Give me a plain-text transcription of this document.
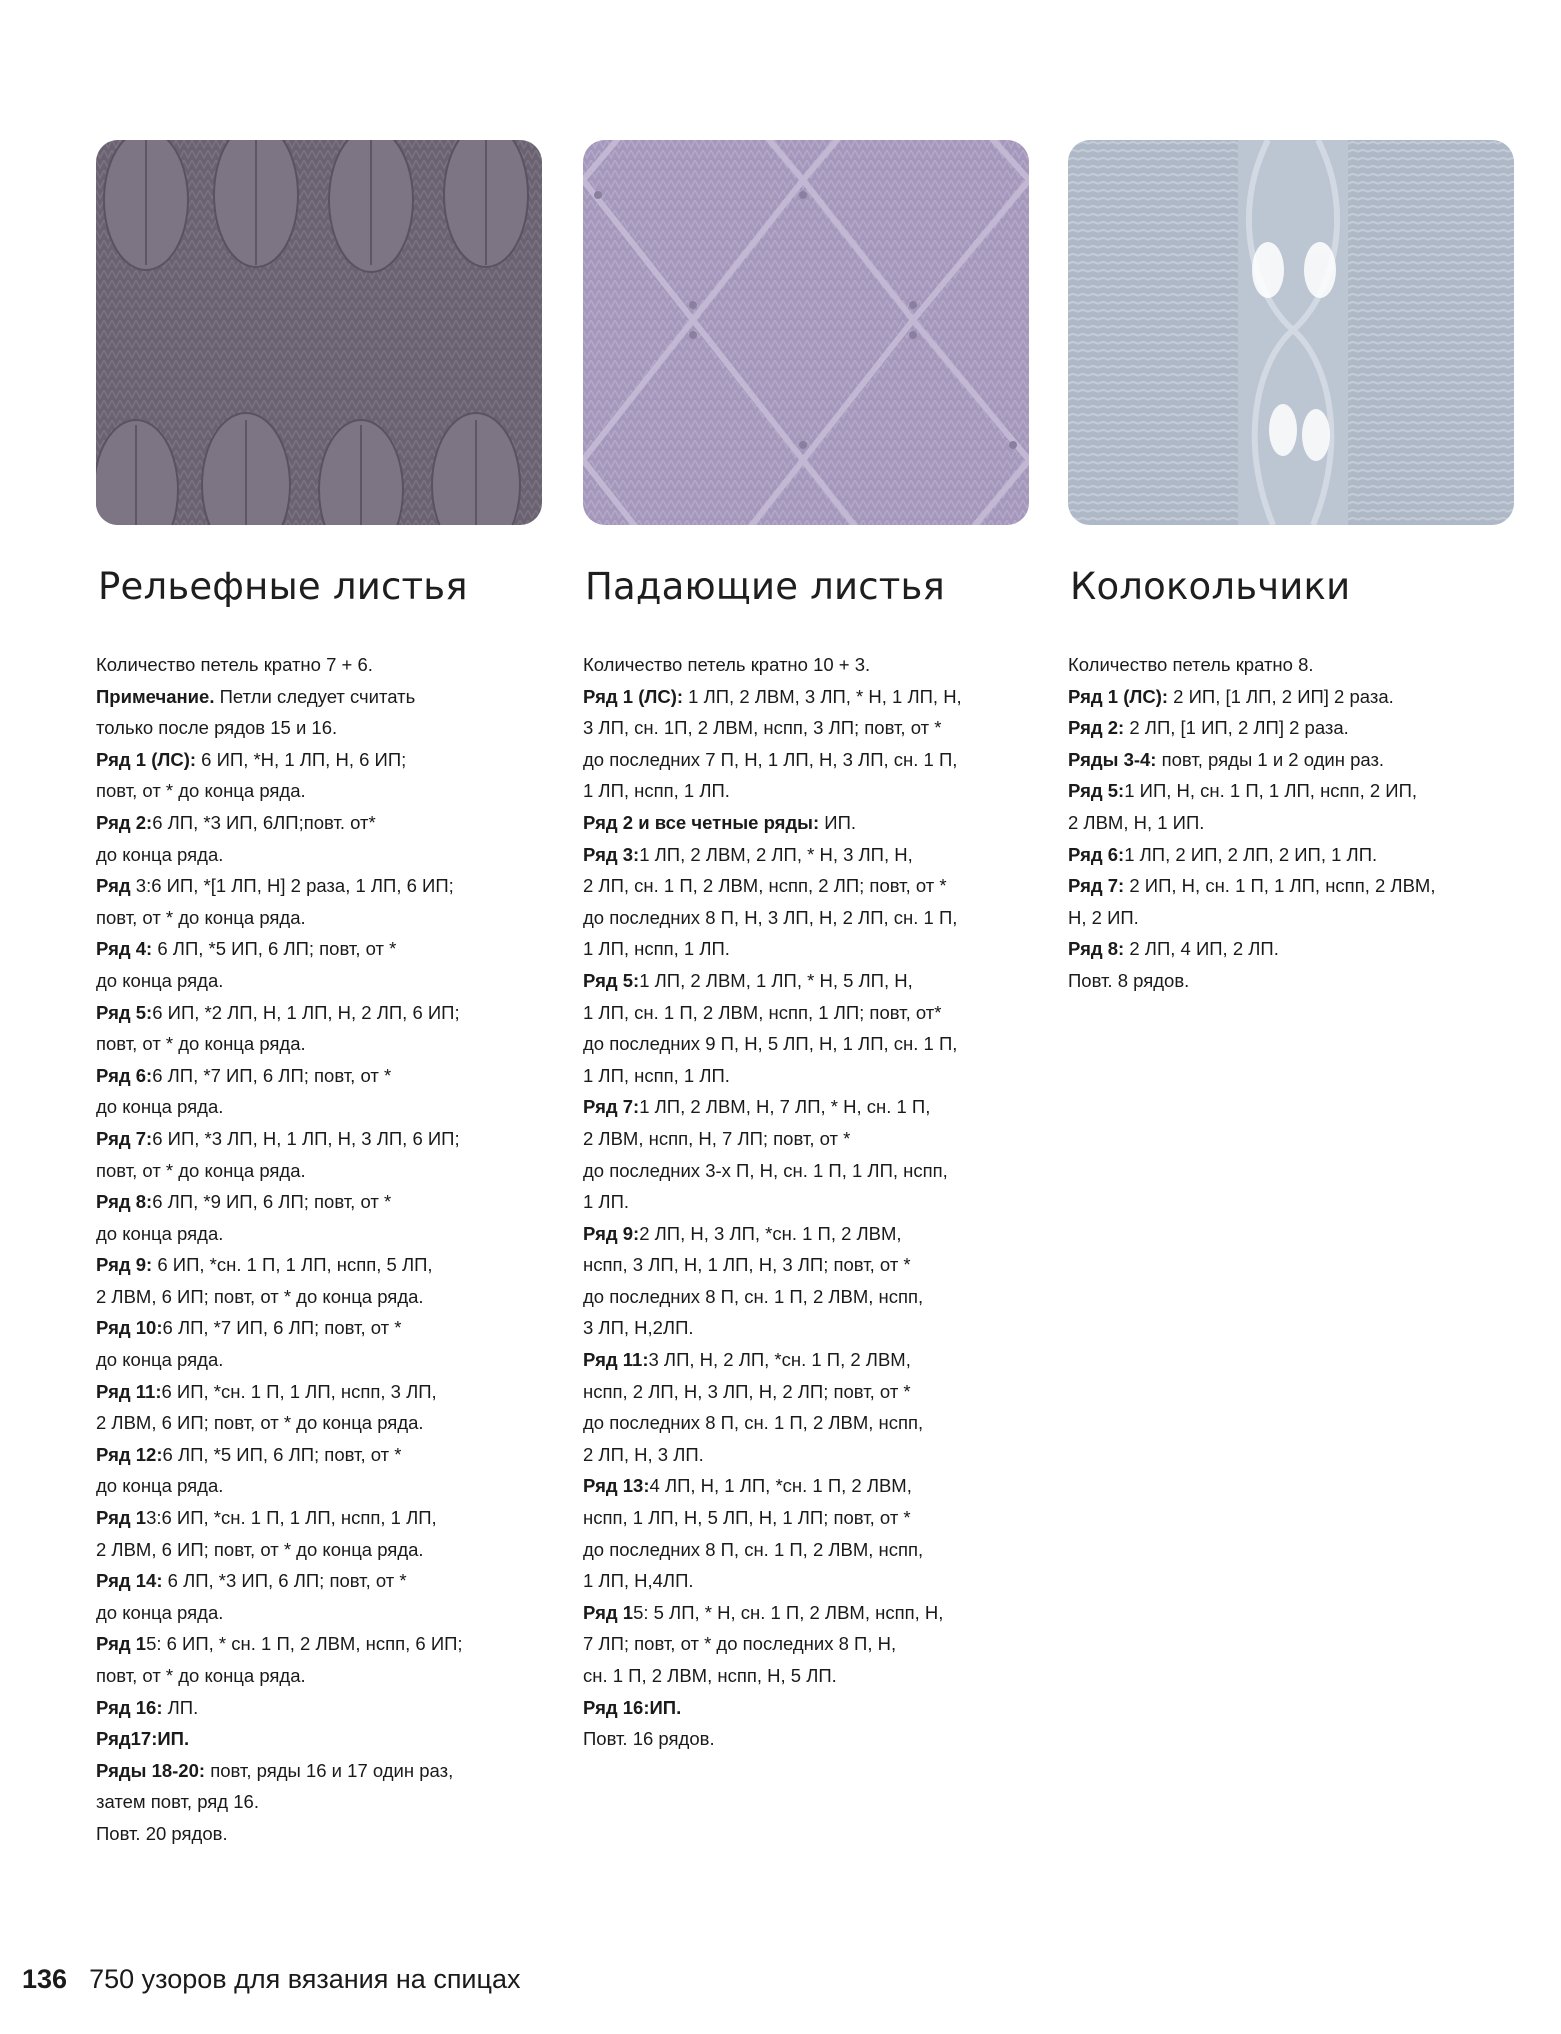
Рельефные листья
Количество петель кратно 7 + 6.
Примечание. Петли следует считать
только после рядов 15 и 16.
Ряд 1 (ЛС): 6 ИП, *Н, 1 ЛП, Н, 6 ИП;
повт, от * до конца ряда.
Ряд 2:6 ЛП, *3 ИП, 6ЛП;повт. от*
до конца ряда.
Ряд 3:6 ИП, *[1 ЛП, Н] 2 раза, 1 ЛП, 6 ИП;
повт, от * до конца ряда.
Ряд 4: 6 ЛП, *5 ИП, 6 ЛП; повт, от *
до конца ряда.
Ряд 5:6 ИП, *2 ЛП, Н, 1 ЛП, Н, 2 ЛП, 6 ИП;
повт, от * до конца ряда.
Ряд 6:6 ЛП, *7 ИП, 6 ЛП; повт, от *
до конца ряда.
Ряд 7:6 ИП, *3 ЛП, Н, 1 ЛП, Н, 3 ЛП, 6 ИП;
повт, от * до конца ряда.
Ряд 8:6 ЛП, *9 ИП, 6 ЛП; повт, от *
до конца ряда.
Ряд 9: 6 ИП, *сн. 1 П, 1 ЛП, нспп, 5 ЛП,
2 ЛВМ, 6 ИП; повт, от * до конца ряда.
Ряд 10:6 ЛП, *7 ИП, 6 ЛП; повт, от *
до конца ряда.
Ряд 11:6 ИП, *сн. 1 П, 1 ЛП, нспп, 3 ЛП,
2 ЛВМ, 6 ИП; повт, от * до конца ряда.
Ряд 12:6 ЛП, *5 ИП, 6 ЛП; повт, от *
до конца ряда.
Ряд 13:6 ИП, *сн. 1 П, 1 ЛП, нспп, 1 ЛП,
2 ЛВМ, 6 ИП; повт, от * до конца ряда.
Ряд 14: 6 ЛП, *3 ИП, 6 ЛП; повт, от *
до конца ряда.
Ряд 15: 6 ИП, * сн. 1 П, 2 ЛВМ, нспп, 6 ИП;
повт, от * до конца ряда.
Ряд 16: ЛП.
Ряд17:ИП.
Ряды 18-20: повт, ряды 16 и 17 один раз,
затем повт, ряд 16.
Повт. 20 рядов.
Падающие листья
Количество петель кратно 10 + 3.
Ряд 1 (ЛС): 1 ЛП, 2 ЛВМ, 3 ЛП, * Н, 1 ЛП, Н,
3 ЛП, сн. 1П, 2 ЛВМ, нспп, 3 ЛП; повт, от *
до последних 7 П, Н, 1 ЛП, Н, 3 ЛП, сн. 1 П,
1 ЛП, нспп, 1 ЛП.
Ряд 2 и все четные ряды: ИП.
Ряд 3:1 ЛП, 2 ЛВМ, 2 ЛП, * Н, 3 ЛП, Н,
2 ЛП, сн. 1 П, 2 ЛВМ, нспп, 2 ЛП; повт, от *
до последних 8 П, Н, 3 ЛП, Н, 2 ЛП, сн. 1 П,
1 ЛП, нспп, 1 ЛП.
Ряд 5:1 ЛП, 2 ЛВМ, 1 ЛП, * Н, 5 ЛП, Н,
1 ЛП, сн. 1 П, 2 ЛВМ, нспп, 1 ЛП; повт, от*
до последних 9 П, Н, 5 ЛП, Н, 1 ЛП, сн. 1 П,
1 ЛП, нспп, 1 ЛП.
Ряд 7:1 ЛП, 2 ЛВМ, Н, 7 ЛП, * Н, сн. 1 П,
2 ЛВМ, нспп, Н, 7 ЛП; повт, от *
до последних 3-х П, Н, сн. 1 П, 1 ЛП, нспп,
1 ЛП.
Ряд 9:2 ЛП, Н, 3 ЛП, *сн. 1 П, 2 ЛВМ,
нспп, 3 ЛП, Н, 1 ЛП, Н, 3 ЛП; повт, от *
до последних 8 П, сн. 1 П, 2 ЛВМ, нспп,
3 ЛП, Н,2ЛП.
Ряд 11:3 ЛП, Н, 2 ЛП, *сн. 1 П, 2 ЛВМ,
нспп, 2 ЛП, Н, 3 ЛП, Н, 2 ЛП; повт, от *
до последних 8 П, сн. 1 П, 2 ЛВМ, нспп,
2 ЛП, Н, 3 ЛП.
Ряд 13:4 ЛП, Н, 1 ЛП, *сн. 1 П, 2 ЛВМ,
нспп, 1 ЛП, Н, 5 ЛП, Н, 1 ЛП; повт, от *
до последних 8 П, сн. 1 П, 2 ЛВМ, нспп,
1 ЛП, Н,4ЛП.
Ряд 15: 5 ЛП, * Н, сн. 1 П, 2 ЛВМ, нспп, Н,
7 ЛП; повт, от * до последних 8 П, Н,
сн. 1 П, 2 ЛВМ, нспп, Н, 5 ЛП.
Ряд 16:ИП.
Повт. 16 рядов.
Колокольчики
Количество петель кратно 8.
Ряд 1 (ЛС): 2 ИП, [1 ЛП, 2 ИП] 2 раза.
Ряд 2: 2 ЛП, [1 ИП, 2 ЛП] 2 раза.
Ряды 3-4: повт, ряды 1 и 2 один раз.
Ряд 5:1 ИП, Н, сн. 1 П, 1 ЛП, нспп, 2 ИП,
2 ЛВМ, Н, 1 ИП.
Ряд 6:1 ЛП, 2 ИП, 2 ЛП, 2 ИП, 1 ЛП.
Ряд 7: 2 ИП, Н, сн. 1 П, 1 ЛП, нспп, 2 ЛВМ,
Н, 2 ИП.
Ряд 8: 2 ЛП, 4 ИП, 2 ЛП.
Повт. 8 рядов.
136 750 узоров для вязания на спицах
